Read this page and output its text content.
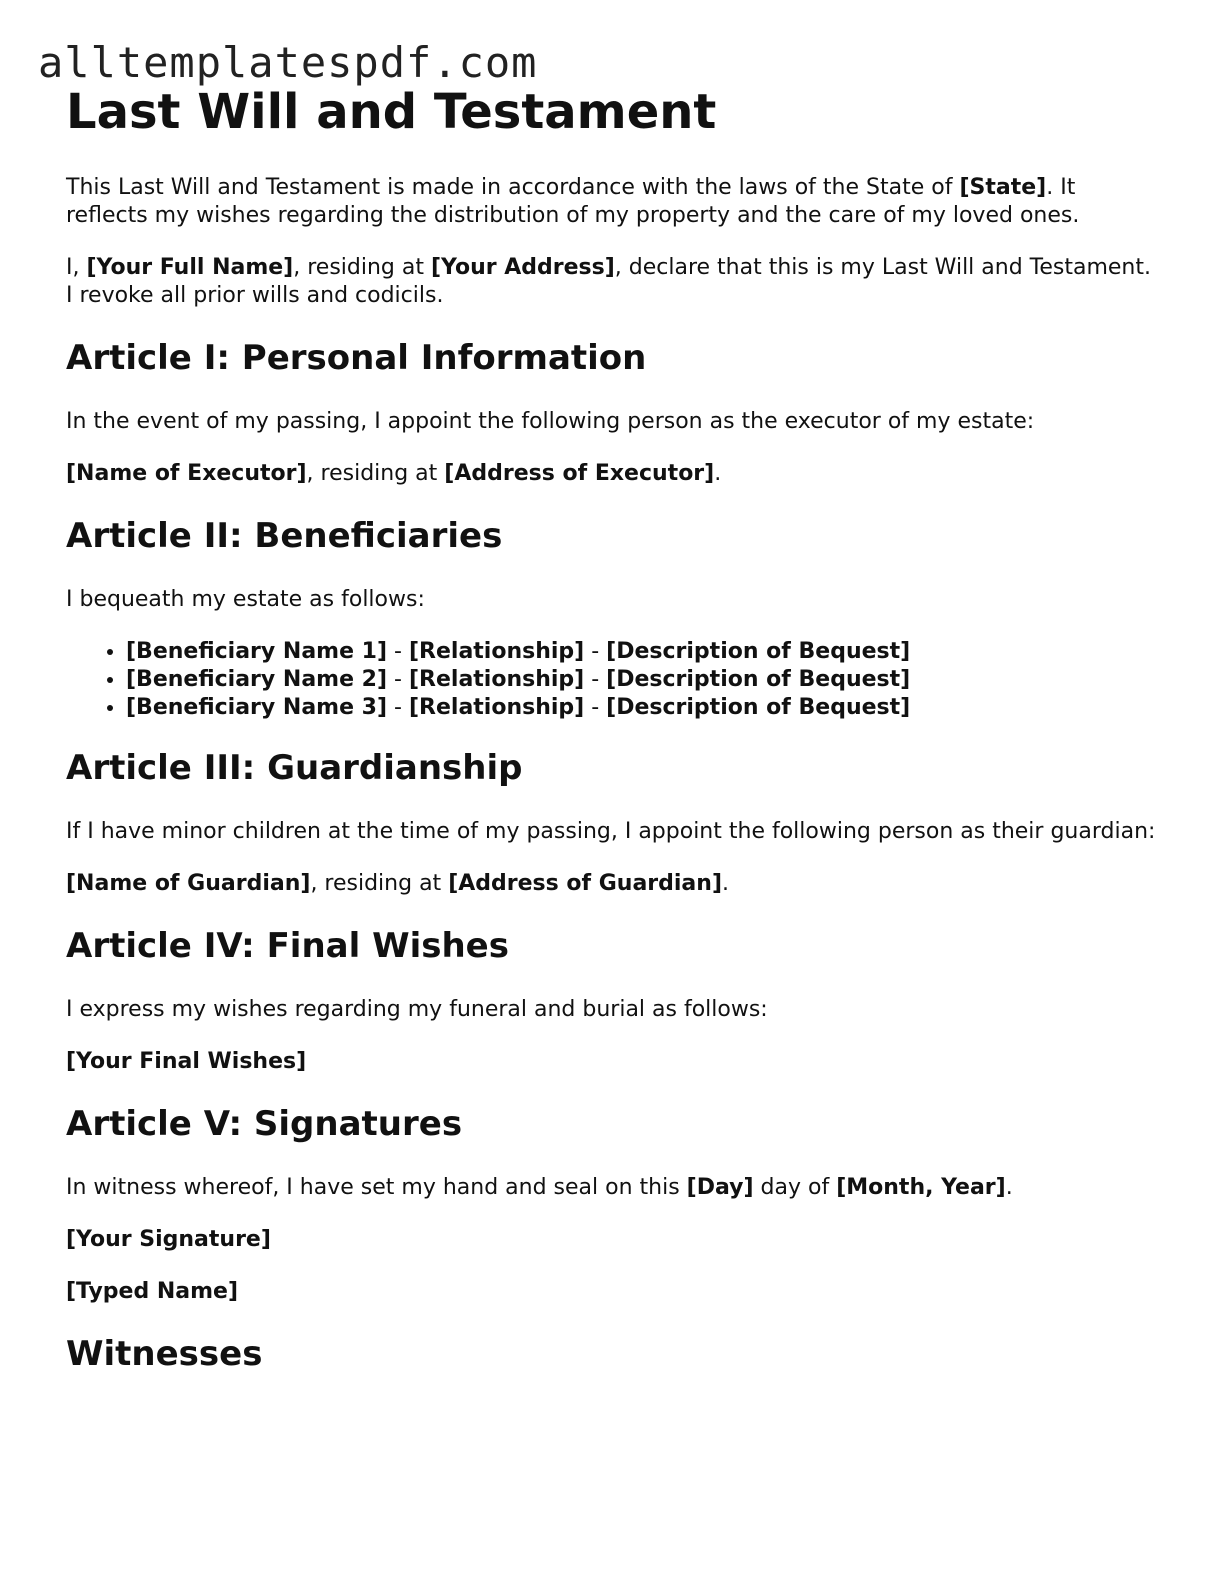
alltemplatespdf.com
Last Will and Testament

This Last Will and Testament is made in accordance with the laws of the State of [State]. It reflects my wishes regarding the distribution of my property and the care of my loved ones.

I, [Your Full Name], residing at [Your Address], declare that this is my Last Will and Testament. I revoke all prior wills and codicils.

Article I: Personal Information

In the event of my passing, I appoint the following person as the executor of my estate:

[Name of Executor], residing at [Address of Executor].

Article II: Beneficiaries

I bequeath my estate as follows:

• [Beneficiary Name 1] - [Relationship] - [Description of Bequest]
• [Beneficiary Name 2] - [Relationship] - [Description of Bequest]
• [Beneficiary Name 3] - [Relationship] - [Description of Bequest]
Article III: Guardianship

If I have minor children at the time of my passing, I appoint the following person as their guardian:

[Name of Guardian], residing at [Address of Guardian].

Article IV: Final Wishes

I express my wishes regarding my funeral and burial as follows:

[Your Final Wishes]

Article V: Signatures

In witness whereof, I have set my hand and seal on this [Day] day of [Month, Year].

[Your Signature]

[Typed Name]

Witnesses
